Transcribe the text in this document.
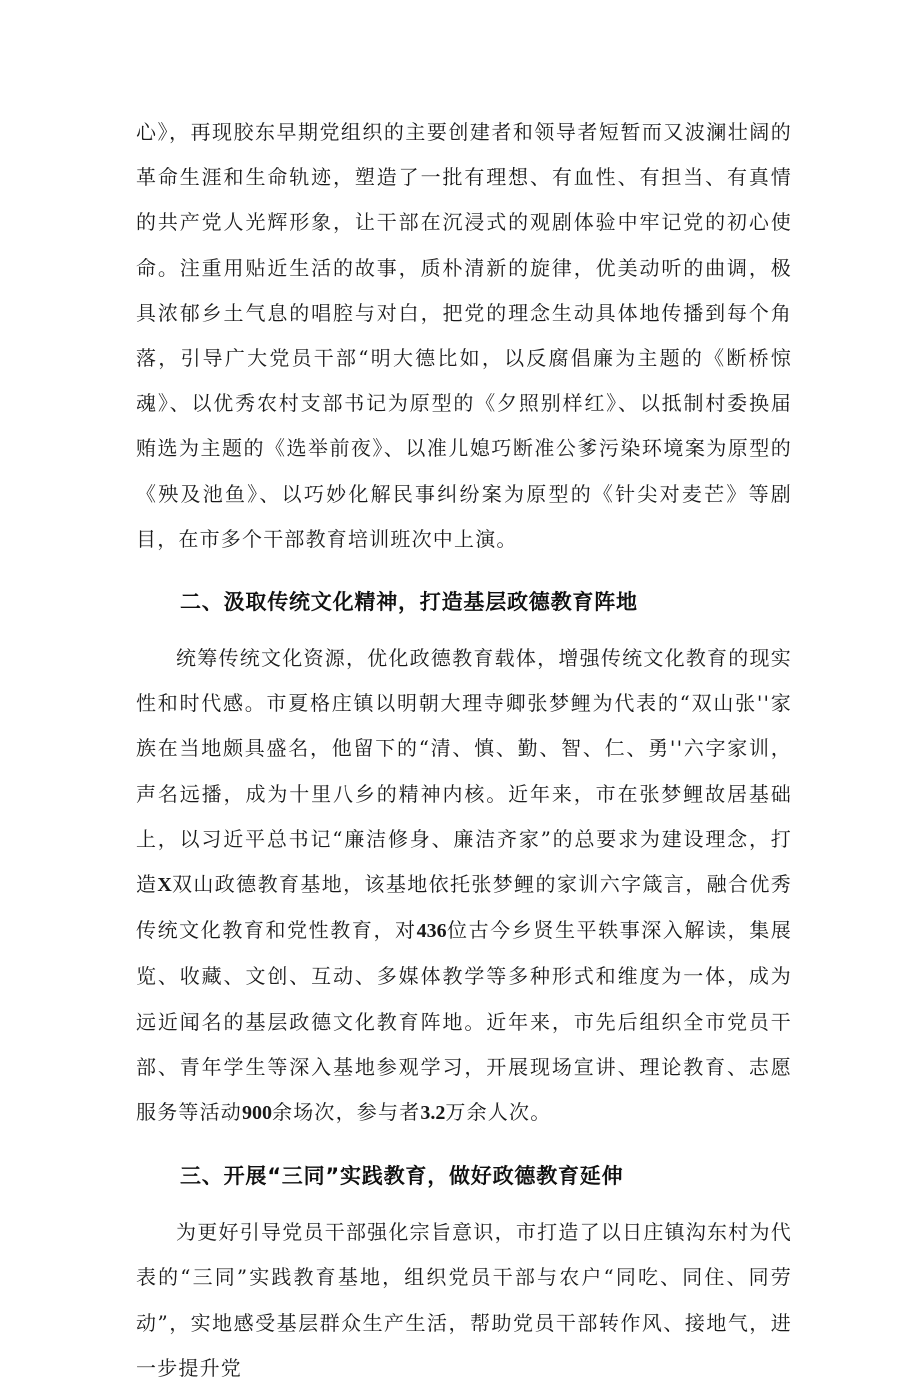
心》，再现胶东早期党组织的主要创建者和领导者短暂而又波澜壮阔的革命生涯和生命轨迹，塑造了一批有理想、有血性、有担当、有真情的共产党人光辉形象，让干部在沉浸式的观剧体验中牢记党的初心使命。注重用贴近生活的故事，质朴清新的旋律，优美动听的曲调，极具浓郁乡土气息的唱腔与对白，把党的理念生动具体地传播到每个角落，引导广大党员干部“明大德比如，以反腐倡廉为主题的《断桥惊魂》、以优秀农村支部书记为原型的《夕照别样红》、以抵制村委换届贿选为主题的《选举前夜》、以准儿媳巧断准公爹污染环境案为原型的《殃及池鱼》、以巧妙化解民事纠纷案为原型的《针尖对麦芒》等剧目，在市多个干部教育培训班次中上演。

二、汲取传统文化精神，打造基层政德教育阵地

统筹传统文化资源，优化政德教育载体，增强传统文化教育的现实性和时代感。市夏格庄镇以明朝大理寺卿张梦鲤为代表的“双山张''家族在当地颇具盛名，他留下的“清、慎、勤、智、仁、勇''六字家训，声名远播，成为十里八乡的精神内核。近年来，市在张梦鲤故居基础上，以习近平总书记“廉洁修身、廉洁齐家”的总要求为建设理念，打造X双山政德教育基地，该基地依托张梦鲤的家训六字箴言，融合优秀传统文化教育和党性教育，对436位古今乡贤生平轶事深入解读，集展览、收藏、文创、互动、多媒体教学等多种形式和维度为一体，成为远近闻名的基层政德文化教育阵地。近年来，市先后组织全市党员干部、青年学生等深入基地参观学习，开展现场宣讲、理论教育、志愿服务等活动900余场次，参与者3.2万余人次。

三、开展“三同”实践教育，做好政德教育延伸

为更好引导党员干部强化宗旨意识，市打造了以日庄镇沟东村为代表的“三同”实践教育基地，组织党员干部与农户“同吃、同住、同劳动”，实地感受基层群众生产生活，帮助党员干部转作风、接地气，进一步提升党
